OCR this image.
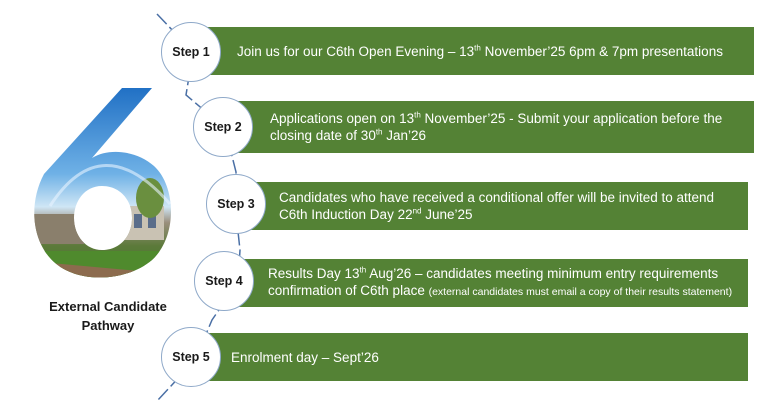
External Candidate
Pathway
Join us for our C6th Open Evening – 13th November’25 6pm & 7pm presentations
Applications open on 13th November’25 - Submit your application before the closing date of 30th Jan’26
Candidates who have received a conditional offer will be invited to attend C6th Induction Day 22nd June’25
Results Day 13th Aug’26 – candidates meeting minimum entry requirements confirmation of C6th place (external candidates must email a copy of their results statement)
Enrolment day – Sept’26
Step 1
Step 2
Step 3
Step 4
Step 5
